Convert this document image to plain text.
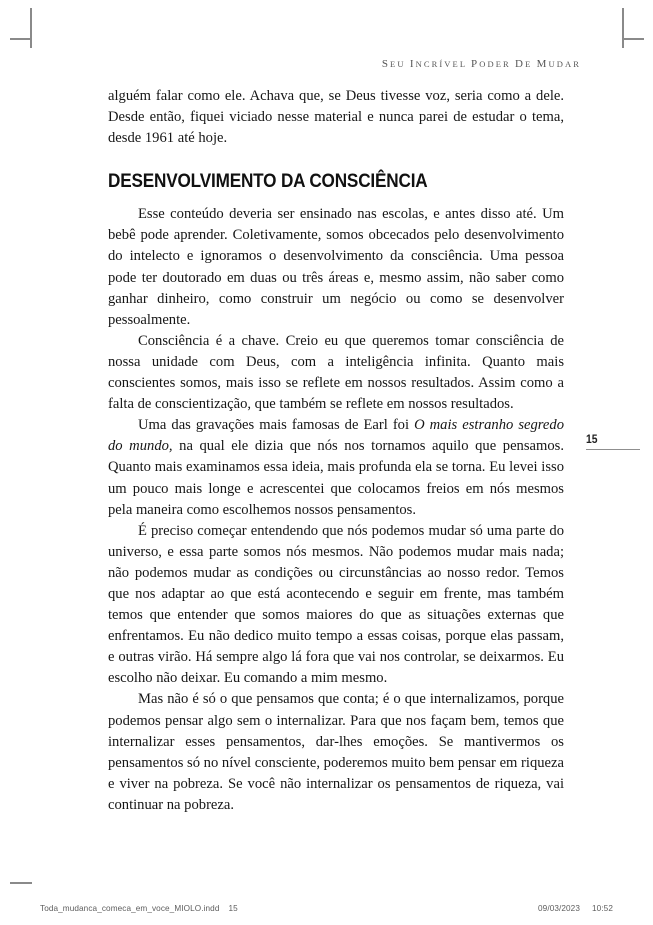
SEU INCRÍVEL PODER DE MUDAR

alguém falar como ele. Achava que, se Deus tivesse voz, seria como a dele. Desde então, fiquei viciado nesse material e nunca parei de estudar o tema, desde 1961 até hoje.

DESENVOLVIMENTO DA CONSCIÊNCIA

Esse conteúdo deveria ser ensinado nas escolas, e antes disso até. Um bebê pode aprender. Coletivamente, somos obcecados pelo desenvolvimento do intelecto e ignoramos o desenvolvimento da consciência. Uma pessoa pode ter doutorado em duas ou três áreas e, mesmo assim, não saber como ganhar dinheiro, como construir um negócio ou como se desenvolver pessoalmente.

Consciência é a chave. Creio eu que queremos tomar consciência de nossa unidade com Deus, com a inteligência infinita. Quanto mais conscientes somos, mais isso se reflete em nossos resultados. Assim como a falta de conscientização, que também se reflete em nossos resultados.

Uma das gravações mais famosas de Earl foi O mais estranho segredo do mundo, na qual ele dizia que nós nos tornamos aquilo que pensamos. Quanto mais examinamos essa ideia, mais profunda ela se torna. Eu levei isso um pouco mais longe e acrescentei que colocamos freios em nós mesmos pela maneira como escolhemos nossos pensamentos.

É preciso começar entendendo que nós podemos mudar só uma parte do universo, e essa parte somos nós mesmos. Não podemos mudar mais nada; não podemos mudar as condições ou circunstâncias ao nosso redor. Temos que nos adaptar ao que está acontecendo e seguir em frente, mas também temos que entender que somos maiores do que as situações externas que enfrentamos. Eu não dedico muito tempo a essas coisas, porque elas passam, e outras virão. Há sempre algo lá fora que vai nos controlar, se deixarmos. Eu escolho não deixar. Eu comando a mim mesmo.

Mas não é só o que pensamos que conta; é o que internalizamos, porque podemos pensar algo sem o internalizar. Para que nos façam bem, temos que internalizar esses pensamentos, dar-lhes emoções. Se mantivermos os pensamentos só no nível consciente, poderemos muito bem pensar em riqueza e viver na pobreza. Se você não internalizar os pensamentos de riqueza, vai continuar na pobreza.

15
Toda_mudanca_comeca_em_voce_MIOLO.indd 15	09/03/2023 10:52
